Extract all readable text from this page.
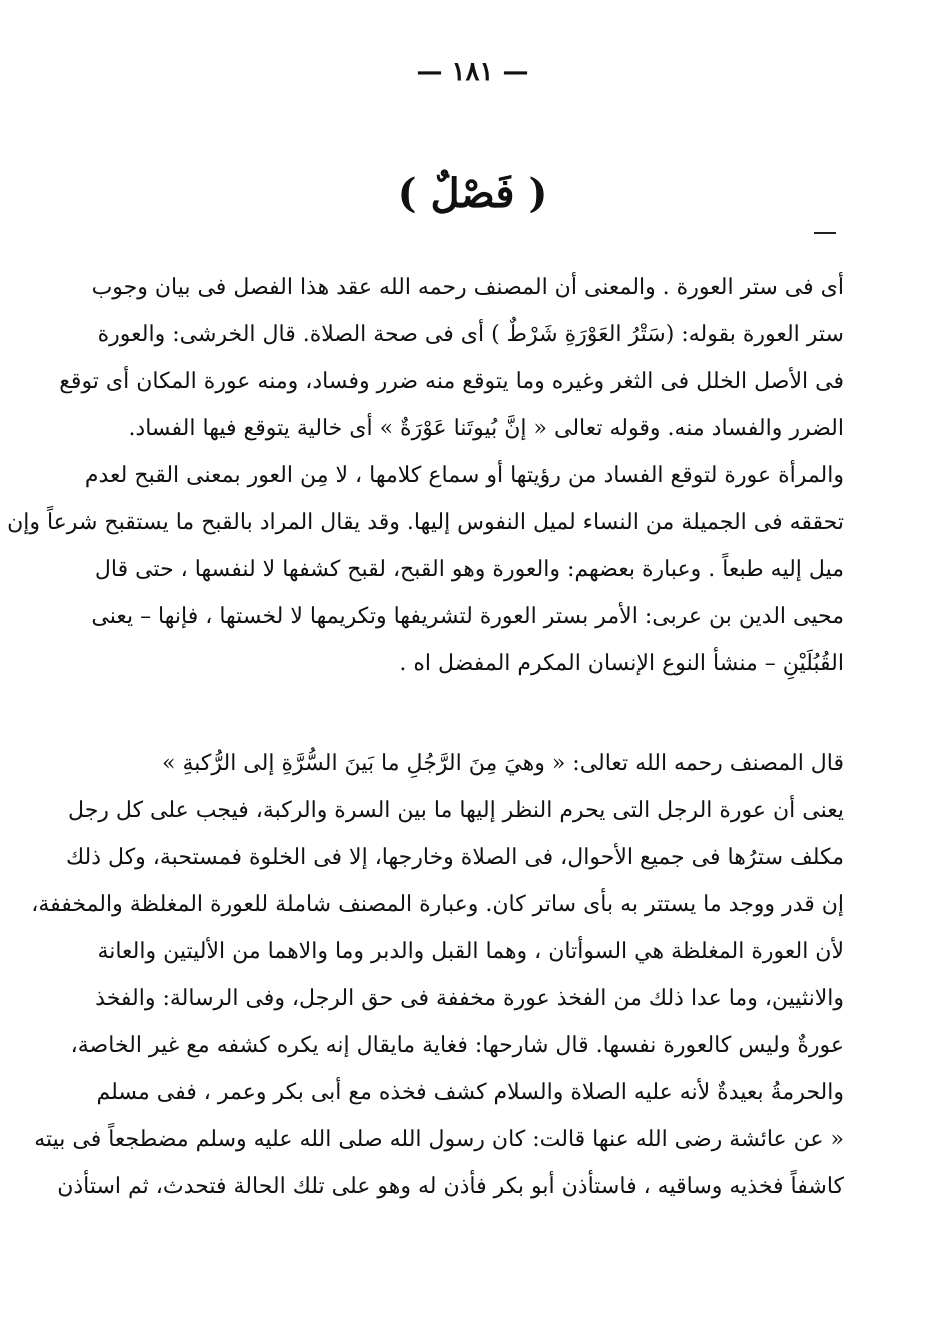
— ١٨١ —
( فَصْلٌ )
أى فى ستر العورة . والمعنى أن المصنف رحمه الله عقد هذا الفصل فى بيان وجوب
ستر العورة بقوله: (سَتْرُ العَوْرَةِ شَرْطٌ ) أى فى صحة الصلاة. قال الخرشى: والعورة
فى الأصل الخلل فى الثغر وغيره وما يتوقع منه ضرر وفساد، ومنه عورة المكان أى توقع
الضرر والفساد منه. وقوله تعالى « إنَّ بُيوتَنا عَوْرَةٌ » أى خالية يتوقع فيها الفساد.
والمرأة عورة لتوقع الفساد من رؤيتها أو سماع كلامها ، لا مِن العور بمعنى القبح لعدم
تحققه فى الجميلة من النساء لميل النفوس إليها. وقد يقال المراد بالقبح ما يستقبح شرعاً وإن
ميل إليه طبعاً . وعبارة بعضهم: والعورة وهو القبح، لقبح كشفها لا لنفسها ، حتى قال
محيى الدين بن عربى: الأمر بستر العورة لتشريفها وتكريمها لا لخستها ، فإنها – يعنى
القُبُلَيْنِ – منشأ النوع الإنسان المكرم المفضل اه .
قال المصنف رحمه الله تعالى: « وهيَ مِنَ الرَّجُلِ ما بَينَ السُّرَّةِ إلى الرُّكبةِ »
يعنى أن عورة الرجل التى يحرم النظر إليها ما بين السرة والركبة، فيجب على كل رجل
مكلف سترُها فى جميع الأحوال، فى الصلاة وخارجها، إلا فى الخلوة فمستحبة، وكل ذلك
إن قدر ووجد ما يستتر به بأى ساتر كان. وعبارة المصنف شاملة للعورة المغلظة والمخففة،
لأن العورة المغلظة هي السوأتان ، وهما القبل والدبر وما والاهما من الأليتين والعانة
والانثيين، وما عدا ذلك من الفخذ عورة مخففة فى حق الرجل، وفى الرسالة: والفخذ
عورةٌ وليس كالعورة نفسها. قال شارحها: فغاية مايقال إنه يكره كشفه مع غير الخاصة،
والحرمةُ بعيدةٌ لأنه عليه الصلاة والسلام كشف فخذه مع أبى بكر وعمر ، ففى مسلم
« عن عائشة رضى الله عنها قالت: كان رسول الله صلى الله عليه وسلم مضطجعاً فى بيته
كاشفاً فخذيه وساقيه ، فاستأذن أبو بكر فأذن له وهو على تلك الحالة فتحدث، ثم استأذن
